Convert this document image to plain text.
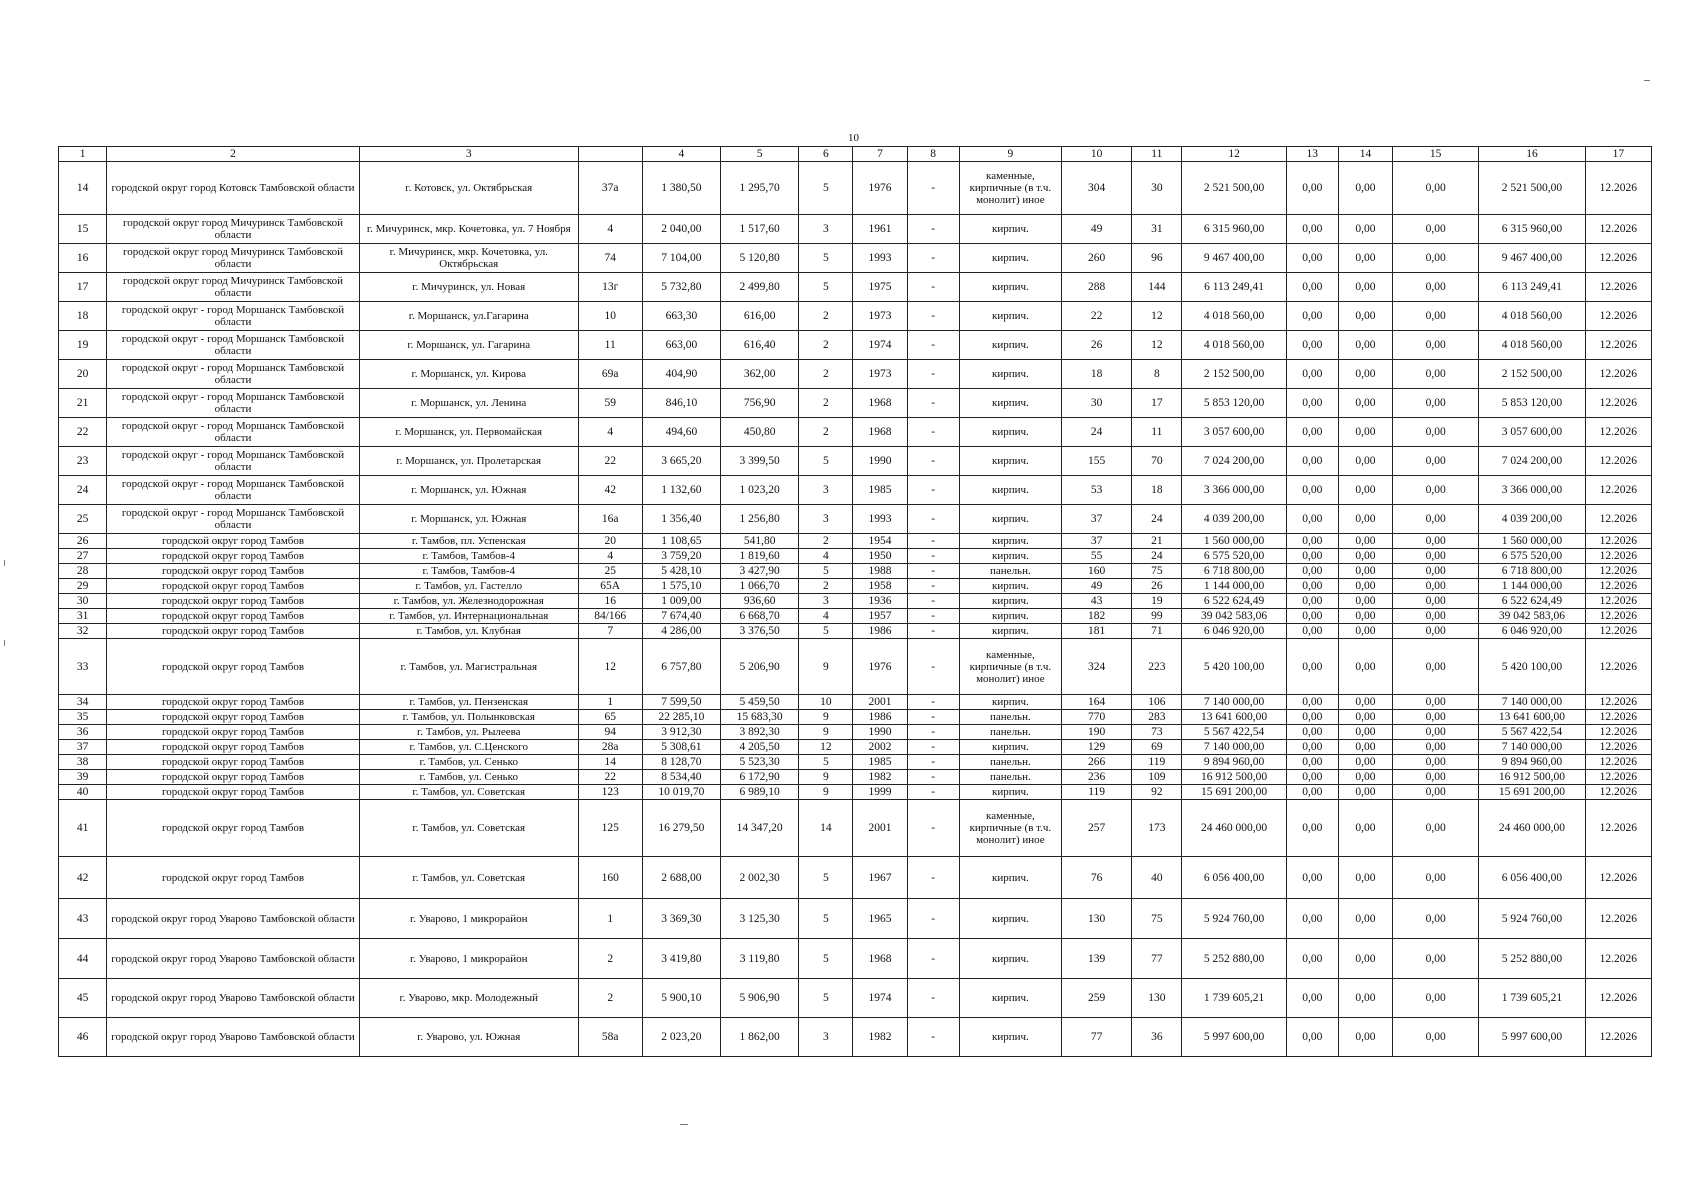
10
1	2	3		4	5	6	7	8	9	10	11	12	13	14	15	16	17
14	городской округ город Котовск Тамбовской области	г. Котовск, ул. Октябрьская	37а	1 380,50	1 295,70	5	1976	-	каменные, кирпичные (в т.ч. монолит) иное	304	30	2 521 500,00	0,00	0,00	0,00	2 521 500,00	12.2026
15	городской округ город Мичуринск Тамбовской области	г. Мичуринск, мкр. Кочетовка, ул. 7 Ноября	4	2 040,00	1 517,60	3	1961	-	кирпич.	49	31	6 315 960,00	0,00	0,00	0,00	6 315 960,00	12.2026
16	городской округ город Мичуринск Тамбовской области	г. Мичуринск, мкр. Кочетовка, ул. Октябрьская	74	7 104,00	5 120,80	5	1993	-	кирпич.	260	96	9 467 400,00	0,00	0,00	0,00	9 467 400,00	12.2026
17	городской округ город Мичуринск Тамбовской области	г. Мичуринск, ул. Новая	13г	5 732,80	2 499,80	5	1975	-	кирпич.	288	144	6 113 249,41	0,00	0,00	0,00	6 113 249,41	12.2026
18	городской округ - город Моршанск Тамбовской области	г. Моршанск, ул.Гагарина	10	663,30	616,00	2	1973	-	кирпич.	22	12	4 018 560,00	0,00	0,00	0,00	4 018 560,00	12.2026
19	городской округ - город Моршанск Тамбовской области	г. Моршанск, ул. Гагарина	11	663,00	616,40	2	1974	-	кирпич.	26	12	4 018 560,00	0,00	0,00	0,00	4 018 560,00	12.2026
20	городской округ - город Моршанск Тамбовской области	г. Моршанск, ул. Кирова	69а	404,90	362,00	2	1973	-	кирпич.	18	8	2 152 500,00	0,00	0,00	0,00	2 152 500,00	12.2026
21	городской округ - город Моршанск Тамбовской области	г. Моршанск, ул. Ленина	59	846,10	756,90	2	1968	-	кирпич.	30	17	5 853 120,00	0,00	0,00	0,00	5 853 120,00	12.2026
22	городской округ - город Моршанск Тамбовской области	г. Моршанск, ул. Первомайская	4	494,60	450,80	2	1968	-	кирпич.	24	11	3 057 600,00	0,00	0,00	0,00	3 057 600,00	12.2026
23	городской округ - город Моршанск Тамбовской области	г. Моршанск, ул. Пролетарская	22	3 665,20	3 399,50	5	1990	-	кирпич.	155	70	7 024 200,00	0,00	0,00	0,00	7 024 200,00	12.2026
24	городской округ - город Моршанск Тамбовской области	г. Моршанск, ул. Южная	42	1 132,60	1 023,20	3	1985	-	кирпич.	53	18	3 366 000,00	0,00	0,00	0,00	3 366 000,00	12.2026
25	городской округ - город Моршанск Тамбовской области	г. Моршанск, ул. Южная	16а	1 356,40	1 256,80	3	1993	-	кирпич.	37	24	4 039 200,00	0,00	0,00	0,00	4 039 200,00	12.2026
26	городской округ город Тамбов	г. Тамбов, пл. Успенская	20	1 108,65	541,80	2	1954	-	кирпич.	37	21	1 560 000,00	0,00	0,00	0,00	1 560 000,00	12.2026
27	городской округ город Тамбов	г. Тамбов, Тамбов-4	4	3 759,20	1 819,60	4	1950	-	кирпич.	55	24	6 575 520,00	0,00	0,00	0,00	6 575 520,00	12.2026
28	городской округ город Тамбов	г. Тамбов, Тамбов-4	25	5 428,10	3 427,90	5	1988	-	панельн.	160	75	6 718 800,00	0,00	0,00	0,00	6 718 800,00	12.2026
29	городской округ город Тамбов	г. Тамбов, ул. Гастелло	65А	1 575,10	1 066,70	2	1958	-	кирпич.	49	26	1 144 000,00	0,00	0,00	0,00	1 144 000,00	12.2026
30	городской округ город Тамбов	г. Тамбов, ул. Железнодорожная	16	1 009,00	936,60	3	1936	-	кирпич.	43	19	6 522 624,49	0,00	0,00	0,00	6 522 624,49	12.2026
31	городской округ город Тамбов	г. Тамбов, ул. Интернациональная	84/166	7 674,40	6 668,70	4	1957	-	кирпич.	182	99	39 042 583,06	0,00	0,00	0,00	39 042 583,06	12.2026
32	городской округ город Тамбов	г. Тамбов, ул. Клубная	7	4 286,00	3 376,50	5	1986	-	кирпич.	181	71	6 046 920,00	0,00	0,00	0,00	6 046 920,00	12.2026
33	городской округ город Тамбов	г. Тамбов, ул. Магистральная	12	6 757,80	5 206,90	9	1976	-	каменные, кирпичные (в т.ч. монолит) иное	324	223	5 420 100,00	0,00	0,00	0,00	5 420 100,00	12.2026
34	городской округ город Тамбов	г. Тамбов, ул. Пензенская	1	7 599,50	5 459,50	10	2001	-	кирпич.	164	106	7 140 000,00	0,00	0,00	0,00	7 140 000,00	12.2026
35	городской округ город Тамбов	г. Тамбов, ул. Полынковская	65	22 285,10	15 683,30	9	1986	-	панельн.	770	283	13 641 600,00	0,00	0,00	0,00	13 641 600,00	12.2026
36	городской округ город Тамбов	г. Тамбов, ул. Рылеева	94	3 912,30	3 892,30	9	1990	-	панельн.	190	73	5 567 422,54	0,00	0,00	0,00	5 567 422,54	12.2026
37	городской округ город Тамбов	г. Тамбов, ул. С.Ценского	28а	5 308,61	4 205,50	12	2002	-	кирпич.	129	69	7 140 000,00	0,00	0,00	0,00	7 140 000,00	12.2026
38	городской округ город Тамбов	г. Тамбов, ул. Сенько	14	8 128,70	5 523,30	5	1985	-	панельн.	266	119	9 894 960,00	0,00	0,00	0,00	9 894 960,00	12.2026
39	городской округ город Тамбов	г. Тамбов, ул. Сенько	22	8 534,40	6 172,90	9	1982	-	панельн.	236	109	16 912 500,00	0,00	0,00	0,00	16 912 500,00	12.2026
40	городской округ город Тамбов	г. Тамбов, ул. Советская	123	10 019,70	6 989,10	9	1999	-	кирпич.	119	92	15 691 200,00	0,00	0,00	0,00	15 691 200,00	12.2026
41	городской округ город Тамбов	г. Тамбов, ул. Советская	125	16 279,50	14 347,20	14	2001	-	каменные, кирпичные (в т.ч. монолит) иное	257	173	24 460 000,00	0,00	0,00	0,00	24 460 000,00	12.2026
42	городской округ город Тамбов	г. Тамбов, ул. Советская	160	2 688,00	2 002,30	5	1967	-	кирпич.	76	40	6 056 400,00	0,00	0,00	0,00	6 056 400,00	12.2026
43	городской округ город Уварово Тамбовской области	г. Уварово, 1 микрорайон	1	3 369,30	3 125,30	5	1965	-	кирпич.	130	75	5 924 760,00	0,00	0,00	0,00	5 924 760,00	12.2026
44	городской округ город Уварово Тамбовской области	г. Уварово, 1 микрорайон	2	3 419,80	3 119,80	5	1968	-	кирпич.	139	77	5 252 880,00	0,00	0,00	0,00	5 252 880,00	12.2026
45	городской округ город Уварово Тамбовской области	г. Уварово, мкр. Молодежный	2	5 900,10	5 906,90	5	1974	-	кирпич.	259	130	1 739 605,21	0,00	0,00	0,00	1 739 605,21	12.2026
46	городской округ город Уварово Тамбовской области	г. Уварово, ул. Южная	58а	2 023,20	1 862,00	3	1982	-	кирпич.	77	36	5 997 600,00	0,00	0,00	0,00	5 997 600,00	12.2026
